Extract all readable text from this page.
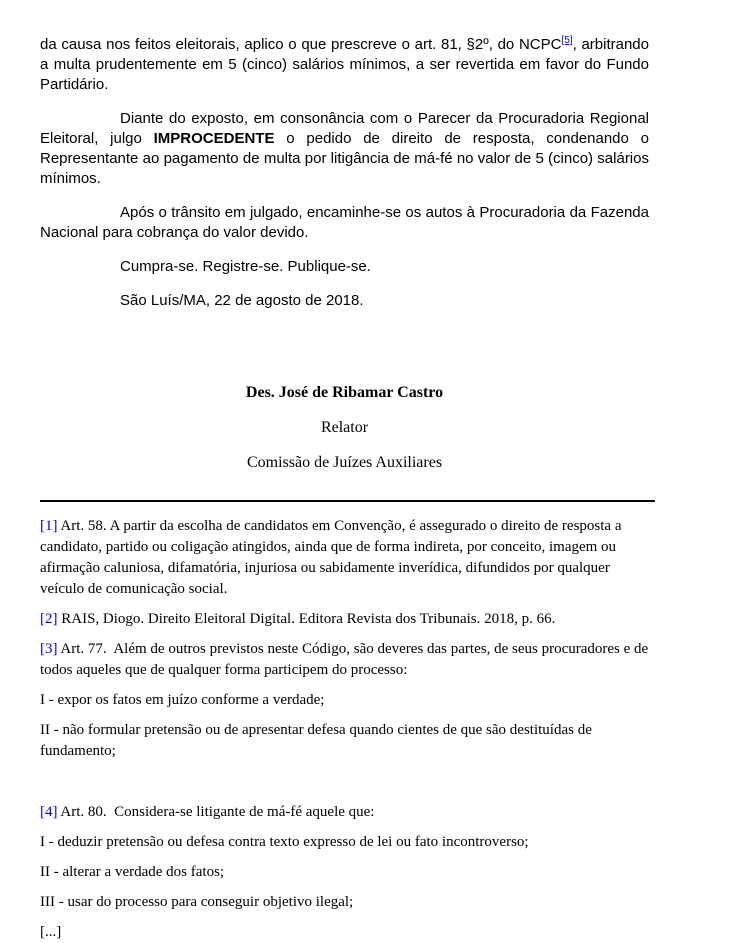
da causa nos feitos eleitorais, aplico o que prescreve o art. 81, §2º, do NCPC[5], arbitrando a multa prudentemente em 5 (cinco) salários mínimos, a ser revertida em favor do Fundo Partidário.

Diante do exposto, em consonância com o Parecer da Procuradoria Regional Eleitoral, julgo IMPROCEDENTE o pedido de direito de resposta, condenando o Representante ao pagamento de multa por litigância de má-fé no valor de 5 (cinco) salários mínimos.

Após o trânsito em julgado, encaminhe-se os autos à Procuradoria da Fazenda Nacional para cobrança do valor devido.

Cumpra-se. Registre-se. Publique-se.

São Luís/MA, 22 de agosto de 2018.

Des. José de Ribamar Castro
Relator
Comissão de Juízes Auxiliares

[1] Art. 58. A partir da escolha de candidatos em Convenção, é assegurado o direito de resposta a candidato, partido ou coligação atingidos, ainda que de forma indireta, por conceito, imagem ou afirmação caluniosa, difamatória, injuriosa ou sabidamente inverídica, difundidos por qualquer veículo de comunicação social.

[2] RAIS, Diogo. Direito Eleitoral Digital. Editora Revista dos Tribunais. 2018, p. 66.

[3] Art. 77.  Além de outros previstos neste Código, são deveres das partes, de seus procuradores e de todos aqueles que de qualquer forma participem do processo:

I - expor os fatos em juízo conforme a verdade;

II - não formular pretensão ou de apresentar defesa quando cientes de que são destituídas de fundamento;

[4] Art. 80.  Considera-se litigante de má-fé aquele que:

I - deduzir pretensão ou defesa contra texto expresso de lei ou fato incontroverso;

II - alterar a verdade dos fatos;

III - usar do processo para conseguir objetivo ilegal;

[...]
